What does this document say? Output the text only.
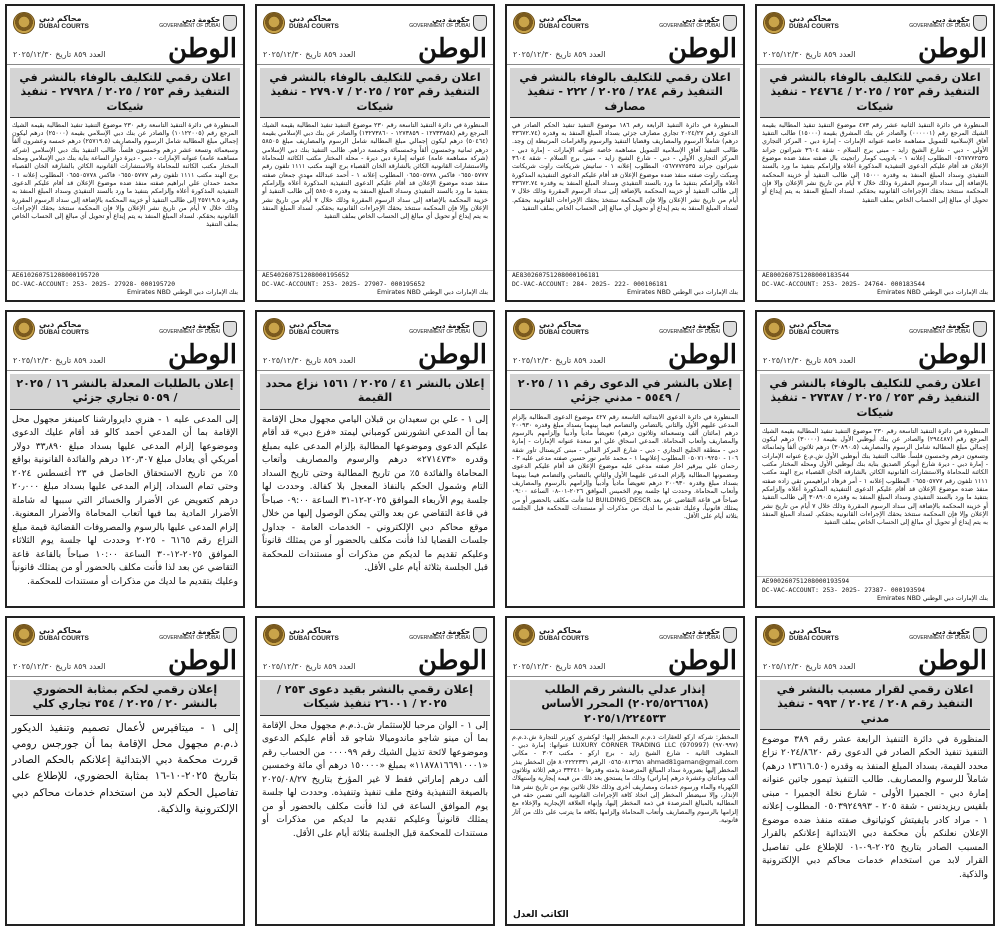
محاكم دبي
DUBAI COURTS
حكومة دبي
GOVERNMENT OF DUBAI
الوطن
العدد ٨٥٩ تاريخ ٢٠٢٥/١٢/٣٠
اعلان رقمي للتكليف بالوفاء بالنشر في التنفيذ رقم ٢٥٣ / ٢٠٢٥ / ٢٤٧٦٤ - تنفيذ شيكات
المنظورة في دائرة التنفيذ الثانية عشر رقم ٤٧٣ موضوع التنفيذ تنفيذ المطالبة بقيمة الشيك المرجع رقم (٠٠٠٠٠١) والصادر عن بنك المشرق بقيمة (١٥٠٠٠) طالب التنفيذ آفاق الإسلامية للتمويل مساهمة خاصة عنوانه الإمارات - إمارة دبي - المركز التجاري الأولي - دبي - شارع الشيخ زايد - مبنى برج السلام - شقة ٣٦٠٤ شيراتون جراند ٠٥٦٧٧٧٢٥٣٥ المطلوب إعلانه ١ - بادويب كومار راتجيت بال صفته منفذ ضده موضوع الإعلان قد أقام عليكم الدعوى التنفيذية المذكورة أعلاه وإلزامكم بتنفيذ ما ورد بالسند التنفيذي وسداد المبلغ المنفذ به وقدره ١٥٠٠٠ إلى طالب التنفيذ أو خزينة المحكمة بالإضافة إلى سداد الرسوم المقررة وذلك خلال ٧ أيام من تاريخ نشر الإعلان وإلا فإن المحكمة ستتخذ بحقك الإجراءات القانونية بحقكم. لسداد المبلغ المنفذ به يتم إيداع أو تحويل أي مبالغ إلى الحساب الخاص بملف التنفيذ
AE800260751208000183544
DC-VAC-ACCOUNT: 253- 2025- 24764- 000183544
بنك الإمارات دبي الوطني Emirates NBD
محاكم دبي
DUBAI COURTS
حكومة دبي
GOVERNMENT OF DUBAI
الوطن
العدد ٨٥٩ تاريخ ٢٠٢٥/١٢/٣٠
اعلان رقمي للتكليف بالوفاء بالنشر في التنفيذ رقم ٢٨٤ / ٢٠٢٥ / ٢٢٢ - تنفيذ مصارف
المنظورة في دائرة التنفيذ الرابعة رقم ١٨٦ موضوع التنفيذ تنفيذ الحكم الصادر في الدعوى رقم ٢٠٢٤/٢٧ تجاري مصارف جزئي بسداد المبلغ المنفذ به وقدره (٣٣٦٧٢.٧٤ درهم) شاملاً الرسوم والمصاريف وقضايا التنفيذ والرسوم والغرامات المرتبطة إن وجد. طالب التنفيذ آفاق الإسلامية للتمويل مساهمة خاصة عنوانه الإمارات - إمارة دبي - المركز التجاري الأولي - دبي - شارع الشيخ زايد - مبنى برج السلام - شقة ٣٦٠٤ شيراتون جراند ٠٥٦٧٧٧٢٥٣٥ المطلوب إعلانه ١ - ساتيش شريكانت راوت شريكانت ومبكت راوت صفته منفذ ضده موضوع الإعلان قد أقام عليكم الدعوى التنفيذية المذكورة أعلاه وإلزامكم بتنفيذ ما ورد بالسند التنفيذي وسداد المبلغ المنفذ به وقدره ٣٣٦٧٢.٧٤ إلى طالب التنفيذ أو خزينة المحكمة بالإضافة إلى سداد الرسوم المقررة وذلك خلال ٧ أيام من تاريخ نشر الإعلان وإلا فإن المحكمة ستتخذ بحقك الإجراءات القانونية بحقكم. لسداد المبلغ المنفذ به يتم إيداع أو تحويل أي مبالغ إلى الحساب الخاص بملف التنفيذ
AE830260751208000106181
DC-VAC-ACCOUNT: 284- 2025- 222- 000106181
بنك الإمارات دبي الوطني Emirates NBD
محاكم دبي
DUBAI COURTS
حكومة دبي
GOVERNMENT OF DUBAI
الوطن
العدد ٨٥٩ تاريخ ٢٠٢٥/١٢/٣٠
اعلان رقمي للتكليف بالوفاء بالنشر في التنفيذ رقم ٢٥٣ / ٢٠٢٥ / ٢٧٩٠٧ - تنفيذ شيكات
المنظورة في دائرة التنفيذ التاسعة رقم ٢٣٠ موضوع التنفيذ تنفيذ المطالبة بقيمة الشيك المرجع رقم (١٢٧٣٣٨٥٨ - ١٢٧٣٨٥٩ - ١٣٢٧٣٨٦٠) والصادر عن بنك دبي الإسلامي بقيمة (٥٠٤٦٤) درهم ليكون إجمالي مبلغ المطالبة شامل الرسوم والمصاريف مبلغ ٥٨٥٠٥ درهم ثمانية وخمسون ألفاً وخمسمائة وخمسة دراهم. طالب التنفيذ بنك دبي الإسلامي (شركة مساهمة عامة) عنوانه إمارة دبي ديرة - محلة المختار مكتب الكائنة للمحاماة والاستشارات القانونية الكائن بالشارقة الخان القصباء برج الهند مكتب ١١١١ تلفون رقم ٠٦٥٥٠٥٧٧٧ فاكس ٠٦٥٥٠٥٧٧٨ المطلوب إعلانه ١ - أحمد عبدالله مهدي جمعان صفته منفذ ضده موضوع الإعلان قد أقام عليكم الدعوى التنفيذية المذكورة أعلاه وإلزامكم بتنفيذ ما ورد بالسند التنفيذي وسداد المبلغ المنفذ به وقدره ٥٨٥٠٥ إلى طالب التنفيذ أو خزينة المحكمة بالإضافة إلى سداد الرسوم المقررة وذلك خلال ٧ أيام من تاريخ نشر الإعلان وإلا فإن المحكمة ستتخذ بحقك الإجراءات القانونية بحقكم. لسداد المبلغ المنفذ به يتم إيداع أو تحويل أي مبالغ إلى الحساب الخاص بملف التنفيذ
AE540260751208000195652
DC-VAC-ACCOUNT: 253- 2025- 27907- 000195652
بنك الإمارات دبي الوطني Emirates NBD
محاكم دبي
DUBAI COURTS
حكومة دبي
GOVERNMENT OF DUBAI
الوطن
العدد ٨٥٩ تاريخ ٢٠٢٥/١٢/٣٠
اعلان رقمي للتكليف بالوفاء بالنشر في التنفيذ رقم ٢٥٣ / ٢٠٢٥ / ٢٧٩٢٨ - تنفيذ شيكات
المنظورة في دائرة التنفيذ التاسعة رقم ٢٣٠ موضوع التنفيذ تنفيذ المطالبة بقيمة الشيك المرجع رقم (١٠١٢٢٠٠٥) والصادر عن بنك دبي الإسلامي بقيمة (٢٥٠٠٠) درهم ليكون إجمالي مبلغ المطالبة شامل الرسوم والمصاريف (٢٥٧١٩.٥) درهم خمسة وعشرون ألفاً وسبعمائة وتسعة عشر درهم وخمسون فلساً. طالب التنفيذ بنك دبي الإسلامي (شركة مساهمة عامة) عنوانه الإمارات - دبي - ديرة دوار الساعة بناية بنك دبي الإسلامي ومحله المختار مكتب الكائنة للمحاماة والاستشارات القانونية الكائن بالشارقة الخان القصباء برج الهند مكتب ١١١١ تلفون رقم ٠٦٥٥٠٥٧٧٧ فاكس ٠٦٥٥٠٥٧٧٨ المطلوب إعلانه ١ - محمد حمدان علي ابراهيم صفته منفذ ضده موضوع الإعلان قد أقام عليكم الدعوى التنفيذية المذكورة أعلاه وإلزامكم بتنفيذ ما ورد بالسند التنفيذي وسداد المبلغ المنفذ به وقدره ٢٥٧١٩.٥ إلى طالب التنفيذ أو خزينة المحكمة بالإضافة إلى سداد الرسوم المقررة وذلك خلال ٧ أيام من تاريخ نشر الإعلان وإلا فإن المحكمة ستتخذ بحقك الإجراءات القانونية بحقكم. لسداد المبلغ المنفذ به يتم إيداع أو تحويل أي مبالغ إلى الحساب الخاص بملف التنفيذ
AE610260751208000195720
DC-VAC-ACCOUNT: 253- 2025- 27928- 000195720
بنك الإمارات دبي الوطني Emirates NBD
محاكم دبي
DUBAI COURTS
حكومة دبي
GOVERNMENT OF DUBAI
الوطن
العدد ٨٥٩ تاريخ ٢٠٢٥/١٢/٣٠
اعلان رقمي للتكليف بالوفاء بالنشر في التنفيذ رقم ٢٥٣ / ٢٠٢٥ / ٢٧٣٨٧ - تنفيذ شيكات
المنظورة في دائرة التنفيذ التاسعة رقم ٢٣٠ موضوع التنفيذ تنفيذ المطالبة بقيمة الشيك المرجع رقم (٢٩٤٤٨٧) والصادر عن بنك أبوظبي الأول بقيمة (٣٠٠٠٠) درهم ليكون إجمالي مبلغ المطالبة شامل الرسوم والمصاريف (٣٠٨٩٠.٥) درهم ثلاثون ألفاً وثمانمائة وتسعون درهم وخمسون فلساً. طالب التنفيذ بنك أبوظبي الأول ش.م.ع عنوانه الإمارات - إمارة دبي - ديرة شارع أبوبكر الصديق بناية بنك أبوظبي الأول ومحله المختار مكتب الكائنة للمحاماة والاستشارات القانونية الكائن بالشارقة الخان القصباء برج الهند مكتب ١١١١ تلفون رقم ٠٦٥٥٠٥٧٧٧ المطلوب إعلانه ١ - أمر فرهاد ابراهيمس تقي زاده صفته منفذ ضده موضوع الإعلان قد أقام عليكم الدعوى التنفيذية المذكورة أعلاه وإلزامكم بتنفيذ ما ورد بالسند التنفيذي وسداد المبلغ المنفذ به وقدره ٣٠٨٩٠.٥ إلى طالب التنفيذ أو خزينة المحكمة بالإضافة إلى سداد الرسوم المقررة وذلك خلال ٧ أيام من تاريخ نشر الإعلان وإلا فإن المحكمة ستتخذ بحقك الإجراءات القانونية بحقكم. لسداد المبلغ المنفذ به يتم إيداع أو تحويل أي مبالغ إلى الحساب الخاص بملف التنفيذ
AE900260751208000193594
DC-VAC-ACCOUNT: 253- 2025- 27387- 000193594
بنك الإمارات دبي الوطني Emirates NBD
محاكم دبي
DUBAI COURTS
حكومة دبي
GOVERNMENT OF DUBAI
الوطن
العدد ٨٥٩ تاريخ ٢٠٢٥/١٢/٣٠
إعلان بالنشر في الدعوى رقم ١١ / ٢٠٢٥ / ٥٥٤٩ - مدني جزئي
المنظورة في دائرة الدعوى الابتدائية التاسعة رقم ٤٢٧ موضوع الدعوى المطالبة بإلزام المدعى عليهم الأول والثاني بالتضامن والتضامم فيما بينهما بسداد مبلغ وقدره ٢٠٠٩٣٠ درهم (مائتان ألف وتسعمائة وثلاثون درهم) تعويضاً مادياً وأدبياً وإلزامهم بالرسوم والمصاريف وأتعاب المحاماة. المدعي اسحاق علي ابو سعدة عنوانه الإمارات - إمارة دبي - منطقة الخليج التجاري - دبي - شارع المركز المالي - مبنى كريستال تاور شقة ١٠٦ - ٠٥٠٧١٠٩٢٥٠ المطلوب إعلانهما ١ - محمد عامر نور حسين صفته مدعى عليه ٢ - رحمان علي بيرقير اخار صفته مدعى عليه موضوع الإعلان قد أقام عليكم الدعوى ومضمونها المطالبة بإلزام المدعى عليهما الأول والثاني بالتضامن والتضامم فيما بينهما بسداد مبلغ وقدره ٢٠٠٩٣٠ درهم تعويضاً مادياً وأدبياً وإلزامهم بالرسوم والمصاريف وأتعاب المحاماة. وحددت لها جلسة يوم الخميس الموافق ٢٠٢٦-٠١-٠٨ الساعة ٠٩:٠٠ صباحاً في قاعة التقاضي عن بعد BUILDING_DESCR لذا فأنت مكلف بالحضور أو من يمثلك قانونياً، وعليك تقديم ما لديك من مذكرات أو مستندات للمحكمة قبل الجلسة بثلاثة أيام على الأقل.
محاكم دبي
DUBAI COURTS
حكومة دبي
GOVERNMENT OF DUBAI
الوطن
العدد ٨٥٩ تاريخ ٢٠٢٥/١٢/٣٠
إعلان بالنشر ٤١ / ٢٠٢٥ / ١٥٦١ نزاع محدد القيمة
إلى ١ - علي بن سعيدان بن قبلان اليامي مجهول محل الإقامة بما أن المدعي انشورنس كومباني ليمتد «فرع دبي» قد أقام عليكم الدعوى وموضوعها المطالبة بإلزام المدعى عليه بمبلغ وقدره «٢٧١٤٧٣» درهم والرسوم والمصاريف وأتعاب المحاماة والفائدة ٥٪ من تاريخ المطالبة وحتى تاريخ السداد التام وشمول الحكم بالنفاذ المعجل بلا كفالة. وحددت لها جلسة يوم الأربعاء الموافق ٢٠٢٥-١٢-٣١ الساعة ٠٩:٠٠ صباحاً في قاعة التقاضي عن بعد والتي يمكن الوصول إليها من خلال موقع محاكم دبي الإلكتروني - الخدمات العامة - جداول جلسات القضايا لذا فأنت مكلف بالحضور أو من يمثلك قانوناً وعليكم تقديم ما لديكم من مذكرات أو مستندات للمحكمة قبل الجلسة بثلاثة أيام على الأقل.
محاكم دبي
DUBAI COURTS
حكومة دبي
GOVERNMENT OF DUBAI
الوطن
العدد ٨٥٩ تاريخ ٢٠٢٥/١٢/٣٠
إعلان بالطلبات المعدلة بالنشر ١٦ / ٢٠٢٥ / ٥٠٥٩ تجاري جزئي
إلى المدعى عليه ١ - هنري دايروارشنا كامينغز مجهول محل الإقامة بما أن المدعي أحمد كالو قد أقام عليك الدعوى وموضوعها إلزام المدعى عليها بسداد مبلغ ٣٣٫٨٩٠ دولار أمريكي أي يعادل مبلغ ١٢٠٫٣٠٧ درهم والفائدة القانونية بواقع ٥٪ من تاريخ الاستحقاق الحاصل في ٢٣ أغسطس ٢٠٢٤ وحتى تمام السداد، إلزام المدعى عليها بسداد مبلغ ٢٠٫٠٠٠ درهم كتعويض عن الأضرار والخسائر التي سببها له شاملة الأضرار المادية بما فيها أتعاب المحاماة والأضرار المعنوية. إلزام المدعى عليها بالرسوم والمصروفات القضائية قيمة مبلغ النزاع رقم ٦١٦٥ - ٢٠٢٥ وحددت لها جلسة يوم الثلاثاء الموافق ٢٠٢٥-١٢-٣٠ الساعة ١٠:٠٠ صباحاً بالقاعة قاعة التقاضي عن بعد لذا فأنت مكلف بالحضور أو من يمثلك قانونياً وعليك بتقديم ما لديك من مذكرات أو مستندات للمحكمة.
محاكم دبي
DUBAI COURTS
حكومة دبي
GOVERNMENT OF DUBAI
الوطن
العدد ٨٥٩ تاريخ ٢٠٢٥/١٢/٣٠
اعلان رقمي لقرار مسبب بالنشر في التنفيذ رقم ٢٠٨ / ٢٠٢٤ / ٩٩٣ - تنفيذ مدني
المنظورة في دائرة التنفيذ الرابعة عشر رقم ٣٨٩ موضوع التنفيذ تنفيذ الحكم الصادر في الدعوى رقم ٢٠٢٤/٨٦٢٠ نزاع محدد القيمة، بسداد المبلغ المنفذ به وقدره (١٣٦١٦.٥٠ درهم) شاملاً للرسوم والمصاريف. طالب التنفيذ تيمور جاتين عنوانه إمارة دبي - الجميرا الأولى - شارع نخلة الجميرا - مبنى بلقيس ريزيدنس - شقة ٢٠٥ - ٠٥٠٣٩٢٤٩٩٣ المطلوب إعلانه ١ - مراد كادر بايفيتش كوتيانوف صفته منفذ ضده موضوع الإعلان نعلنكم بأن محكمة دبي الابتدائية إعلانكم بالقرار المسبب الصادر بتاريخ ٢٠٢٥-٠٩-٠١ للإطلاع على تفاصيل القرار لابد من استخدام خدمات محاكم دبي الإلكترونية والذكية.
محاكم دبي
DUBAI COURTS
حكومة دبي
GOVERNMENT OF DUBAI
الوطن
العدد ٨٥٩ تاريخ ٢٠٢٥/١٢/٣٠
إنذار عدلي بالنشر رقم الطلب (٢٠٢٥/٥٢٦٦٥٨) المحرر الأساس ٢٠٢٥/١/٢٢٤٥٣٣
المخطر: شركة اركو للعقارات ذ.م.م المخطر إليها: لوكشري كورنر للتجارة ش.ذ.م.م (٩٧٠٩٩٧) LUXURY CORNER TRADING LLC (970997) عنوانها: إمارة دبي - المطوف الثانية - شارع الشيخ زايد - برج اركو - مكتب ٣٠٢ - مكاني ahmad81gaman@gmail.com ٠٥٦٥٠٨١٣٦٥١ الرقم ٨٠٢٢٢٢٣٣١ فإن المخطر ينذر المخطر إليها بضرورة سداد المبالغ المترصدة بذمته وقدرها ٣٣٢٤١٠ درهم (ثلاثة وثلاثون ألف ومائتان وعشرة درهم إماراتي) وذلك ما يستحق بعد ذلك من قيمة إيجارية وإستهلاك الكهرباء والماء ورسوم خدمات ومصاريف أخرى وذلك خلال ثلاثين يوم من تاريخ نشر هذا الإنذار، وإلا سيضطر المخطر إلى اتخاذ كافة الإجراءات القانونية التي تضمن حقه في المطالبة بالمبالغ المترصدة في ذمة المخطر إليها، وإنهاء العلاقة الإيجارية والإخلاء مع إلزامها بالرسوم والمصاريف وأتعاب المحاماة وإلزامها بكافة ما يترتب على ذلك من آثار قانونية.
الكاتب العدل
محاكم دبي
DUBAI COURTS
حكومة دبي
GOVERNMENT OF DUBAI
الوطن
العدد ٨٥٩ تاريخ ٢٠٢٥/١٢/٣٠
إعلان رقمي بالنشر بقيد دعوى ٢٥٣ / ٢٠٢٥ / ٢٦٠٠١ تنفيذ شيكات
إلى ١ - الوان مرحبا للإستثمار ش.ذ.م.م مجهول محل الإقامة بما أن مينو شاجو ماندوميالا شاجو قد أقام عليكم الدعوى وموضوعها لائحة تذييل الشيك رقم ٠٠٠٠٩٩ من الحساب رقم «١١٨٧٨١٦٦٩١٠٠٠١» بمبلغ «١٥٠٠٠٠ درهم أي مائة وخمسين ألف درهم إماراتي فقط لا غير المؤرخ بتاريخ ٢٠٢٥/٠٨/٢٧ بالصيغة التنفيذية وفتح ملف تنفيذ وتنفيذه. وحددت لها جلسة يوم الموافق الساعة في لذا فأنت مكلف بالحضور أو من يمثلك قانونياً وعليكم تقديم ما لديكم من مذكرات أو مستندات للمحكمة قبل الجلسة بثلاثة أيام على الأقل.
محاكم دبي
DUBAI COURTS
حكومة دبي
GOVERNMENT OF DUBAI
الوطن
العدد ٨٥٩ تاريخ ٢٠٢٥/١٢/٣٠
إعلان رقمي لحكم بمثابة الحضوري بالنشر ٢٠ / ٢٠٢٥ / ٣٥٤ تجاري كلي
إلى ١ - ميتافيرس لأعمال تصميم وتنفيذ الديكور ذ.م.م مجهول محل الإقامة بما أن جورجس رومي قررت محكمة دبي الابتدائية إعلانكم بالحكم الصادر بتاريخ ٢٠٢٥-١٠-١٦ بمثابة الحضوري، للإطلاع على تفاصيل الحكم لابد من استخدام خدمات محاكم دبي الإلكترونية والذكية.
